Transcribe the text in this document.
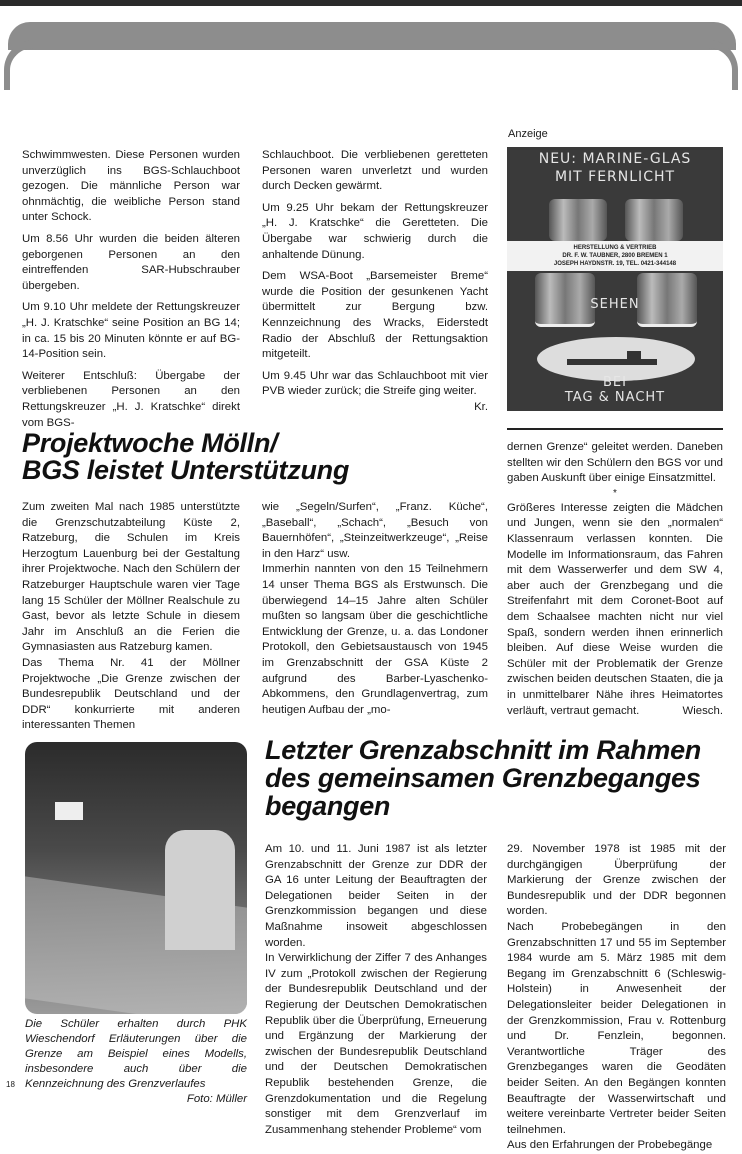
Schwimmwesten. Diese Personen wurden unverzüglich ins BGS-Schlauchboot gezogen. Die männliche Person war ohnmächtig, die weibliche Person stand unter Schock.

Um 8.56 Uhr wurden die beiden älteren geborgenen Personen an den eintreffenden SAR-Hubschrauber übergeben.

Um 9.10 Uhr meldete der Rettungskreuzer „H. J. Kratschke“ seine Position an BG 14; in ca. 15 bis 20 Minuten könnte er auf BG-14-Position sein.

Weiterer Entschluß: Übergabe der verbliebenen Personen an den Rettungskreuzer „H. J. Kratschke“ direkt vom BGS-

Schlauchboot. Die verbliebenen geretteten Personen waren unverletzt und wurden durch Decken gewärmt.

Um 9.25 Uhr bekam der Rettungskreuzer „H. J. Kratschke“ die Geretteten. Die Übergabe war schwierig durch die anhaltende Dünung.

Dem WSA-Boot „Barsemeister Breme“ wurde die Position der gesunkenen Yacht übermittelt zur Bergung bzw. Kennzeichnung des Wracks, Eiderstedt Radio der Abschluß der Rettungsaktion mitgeteilt.

Um 9.45 Uhr war das Schlauchboot mit vier PVB wieder zurück; die Streife ging weiter.

Kr.
Anzeige
NEU: MARINE-GLAS
MIT FERNLICHT
HERSTELLUNG & VERTRIEB
DR. F. W. TAUBNER, 2800 BREMEN 1
JOSEPH HAYDNSTR. 19, TEL. 0421-344148
SEHEN
BEI
TAG & NACHT
Projektwoche Mölln/
BGS leistet Unterstützung

Zum zweiten Mal nach 1985 unterstützte die Grenzschutzabteilung Küste 2, Ratzeburg, die Schulen im Kreis Herzogtum Lauenburg bei der Gestaltung ihrer Projektwoche. Nach den Schülern der Ratzeburger Hauptschule waren vier Tage lang 15 Schüler der Möllner Realschule zu Gast, bevor als letzte Schule in diesem Jahr im Anschluß an die Ferien die Gymnasiasten aus Ratzeburg kamen.

Das Thema Nr. 41 der Möllner Projektwoche „Die Grenze zwischen der Bundesrepublik Deutschland und der DDR“ konkurrierte mit anderen interessanten Themen

wie „Segeln/Surfen“, „Franz. Küche“, „Baseball“, „Schach“, „Besuch von Bauernhöfen“, „Steinzeitwerkzeuge“, „Reise in den Harz“ usw.

Immerhin nannten von den 15 Teilnehmern 14 unser Thema BGS als Erstwunsch. Die überwiegend 14–15 Jahre alten Schüler mußten so langsam über die geschichtliche Entwicklung der Grenze, u. a. das Londoner Protokoll, den Gebietsaustausch von 1945 im Grenzabschnitt der GSA Küste 2 aufgrund des Barber-Lyaschenko-Abkommens, den Grundlagenvertrag, zum heutigen Aufbau der „mo-

dernen Grenze“ geleitet werden. Daneben stellten wir den Schülern den BGS vor und gaben Auskunft über einige Einsatzmittel.

*

Größeres Interesse zeigten die Mädchen und Jungen, wenn sie den „normalen“ Klassenraum verlassen konnten. Die Modelle im Informationsraum, das Fahren mit dem Wasserwerfer und dem SW 4, aber auch der Grenzbegang und die Streifenfahrt mit dem Coronet-Boot auf dem Schaalsee machten nicht nur viel Spaß, sondern werden ihnen erinnerlich bleiben. Auf diese Weise wurden die Schüler mit der Problematik der Grenze zwischen beiden deutschen Staaten, die ja in unmittelbarer Nähe ihres Heimatortes verläuft, vertraut gemacht.	Wiesch.
Die Schüler erhalten durch PHK Wieschendorf Erläuterungen über die Grenze am Beispiel eines Modells, insbesondere auch über die Kennzeichnung des Grenzverlaufes
Foto: Müller
18
Letzter Grenzabschnitt im Rahmen
des gemeinsamen Grenzbeganges
begangen

Am 10. und 11. Juni 1987 ist als letzter Grenzabschnitt der Grenze zur DDR der GA 16 unter Leitung der Beauftragten der Delegationen beider Seiten in der Grenzkommission begangen und diese Maßnahme insoweit abgeschlossen worden.

In Verwirklichung der Ziffer 7 des Anhanges IV zum „Protokoll zwischen der Regierung der Bundesrepublik Deutschland und der Regierung der Deutschen Demokratischen Republik über die Überprüfung, Erneuerung und Ergänzung der Markierung der zwischen der Bundesrepublik Deutschland und der Deutschen Demokratischen Republik bestehenden Grenze, die Grenzdokumentation und die Regelung sonstiger mit dem Grenzverlauf im Zusammenhang stehender Probleme“ vom

29. November 1978 ist 1985 mit der durchgängigen Überprüfung der Markierung der Grenze zwischen der Bundesrepublik und der DDR begonnen worden.

Nach Probebegängen in den Grenzabschnitten 17 und 55 im September 1984 wurde am 5. März 1985 mit dem Begang im Grenzabschnitt 6 (Schleswig-Holstein) in Anwesenheit der Delegationsleiter beider Delegationen in der Grenzkommission, Frau v. Rottenburg und Dr. Fenzlein, begonnen. Verantwortliche Träger des Grenzbeganges waren die Geodäten beider Seiten. An den Begängen konnten Beauftragte der Wasserwirtschaft und weitere vereinbarte Vertreter beider Seiten teilnehmen.

Aus den Erfahrungen der Probebegänge
